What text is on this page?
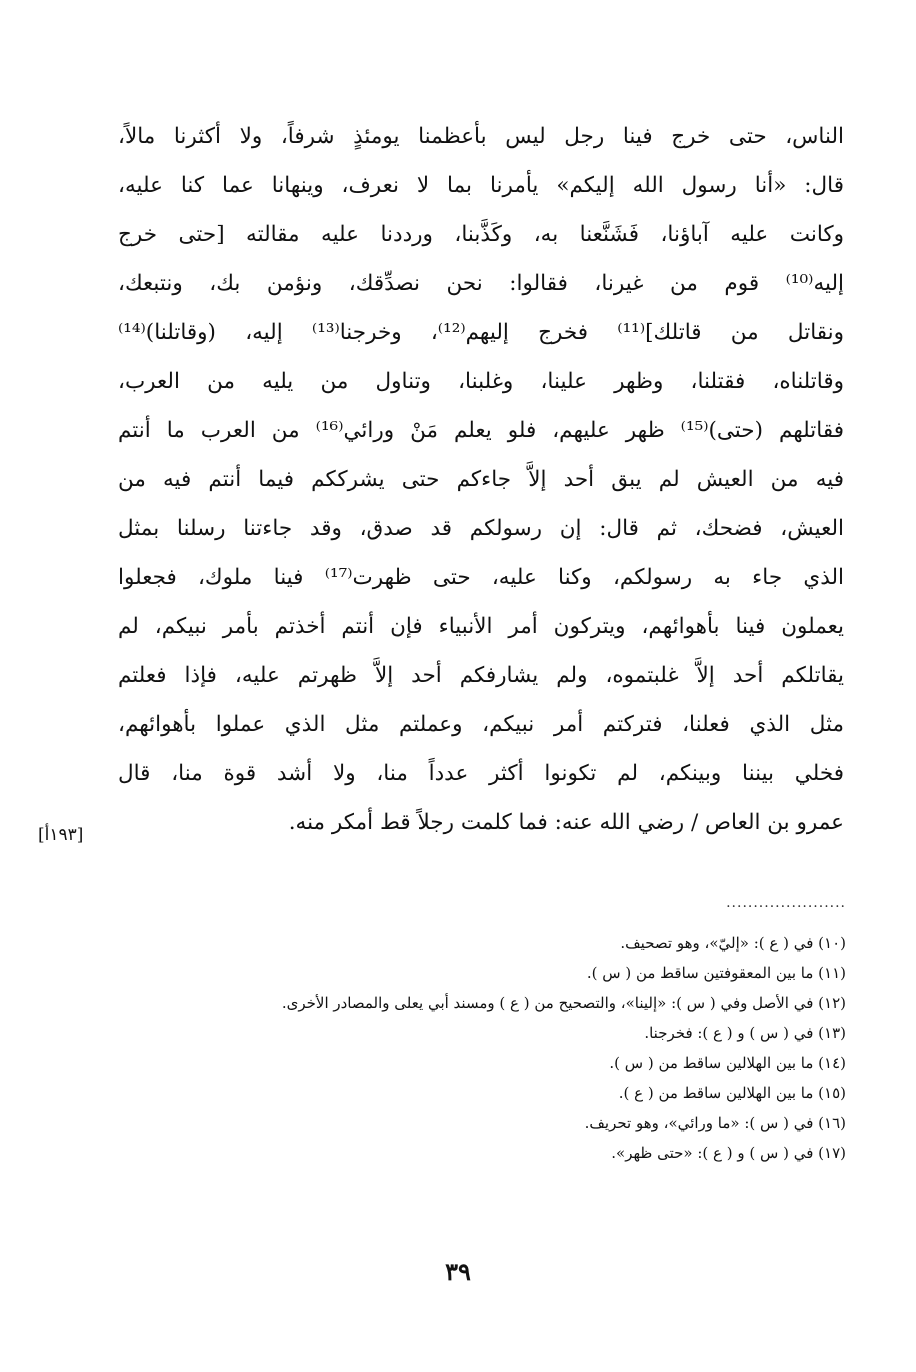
الناس، حتى خرج فينا رجل ليس بأعظمنا يومئذٍ شرفاً، ولا أكثرنا مالاً،
قال: «أنا رسول الله إليكم» يأمرنا بما لا نعرف، وينهانا عما كنا عليه،
وكانت عليه آباؤنا، فَشَنَّعنا به، وكَذَّبنا، ورددنا عليه مقالته [حتى خرج
إليه⁽¹⁰⁾ قوم من غيرنا، فقالوا: نحن نصدِّقك، ونؤمن بك، ونتبعك،
ونقاتل من قاتلك]⁽¹¹⁾ فخرج إليهم⁽¹²⁾، وخرجنا⁽¹³⁾ إليه، (وقاتلنا)⁽¹⁴⁾
وقاتلناه، فقتلنا، وظهر علينا، وغلبنا، وتناول من يليه من العرب،
فقاتلهم (حتى)⁽¹⁵⁾ ظهر عليهم، فلو يعلم مَنْ ورائي⁽¹⁶⁾ من العرب ما أنتم
فيه من العيش لم يبق أحد إلاَّ جاءكم حتى يشرككم فيما أنتم فيه من
العيش، فضحك، ثم قال: إن رسولكم قد صدق، وقد جاءتنا رسلنا بمثل
الذي جاء به رسولكم، وكنا عليه، حتى ظهرت⁽¹⁷⁾ فينا ملوك، فجعلوا
يعملون فينا بأهوائهم، ويتركون أمر الأنبياء فإن أنتم أخذتم بأمر نبيكم، لم
يقاتلكم أحد إلاَّ غلبتموه، ولم يشارفكم أحد إلاَّ ظهرتم عليه، فإذا فعلتم
مثل الذي فعلنا، فتركتم أمر نبيكم، وعملتم مثل الذي عملوا بأهوائهم،
فخلي بيننا وبينكم، لم تكونوا أكثر عدداً منا، ولا أشد قوة منا، قال
عمرو بن العاص / رضي الله عنه: فما كلمت رجلاً قط أمكر منه.
[١٩٣أ]
......................
(١٠) في ( ع ): «إليّ»، وهو تصحيف.
(١١) ما بين المعقوفتين ساقط من ( س ).
(١٢) في الأصل وفي ( س ): «إلينا»، والتصحيح من ( ع ) ومسند أبي يعلى والمصادر الأخرى.
(١٣) في ( س ) و ( ع ): فخرجنا.
(١٤) ما بين الهلالين ساقط من ( س ).
(١٥) ما بين الهلالين ساقط من ( ع ).
(١٦) في ( س ): «ما ورائي»، وهو تحريف.
(١٧) في ( س ) و ( ع ): «حتى ظهر».
٣٩
